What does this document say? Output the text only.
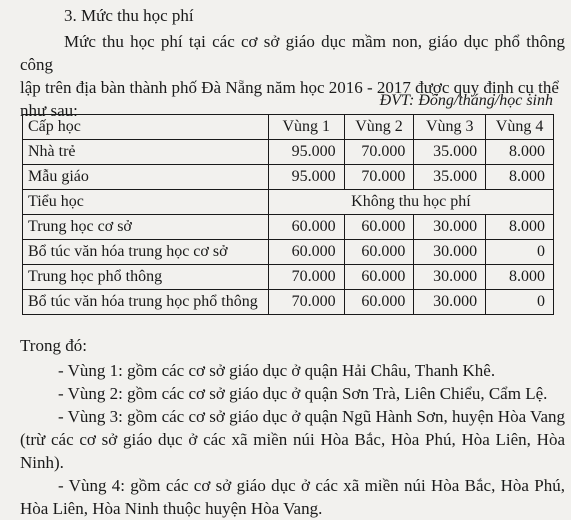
3. Mức thu học phí
Mức thu học phí tại các cơ sở giáo dục mầm non, giáo dục phổ thông công
lập trên địa bàn thành phố Đà Nẵng năm học 2016 - 2017 được quy định cụ thể
như sau:
ĐVT: Đồng/tháng/học sinh
Cấp học	Vùng 1	Vùng 2	Vùng 3	Vùng 4
Nhà trẻ	95.000	70.000	35.000	8.000
Mẫu giáo	95.000	70.000	35.000	8.000
Tiểu học	Không thu học phí			
Trung học cơ sở	60.000	60.000	30.000	8.000
Bổ túc văn hóa trung học cơ sở	60.000	60.000	30.000	0
Trung học phổ thông	70.000	60.000	30.000	8.000
Bổ túc văn hóa trung học phổ thông	70.000	60.000	30.000	0

Trong đó:

- Vùng 1: gồm các cơ sở giáo dục ở quận Hải Châu, Thanh Khê.

- Vùng 2: gồm các cơ sở giáo dục ở quận Sơn Trà, Liên Chiểu, Cẩm Lệ.

- Vùng 3: gồm các cơ sở giáo dục ở quận Ngũ Hành Sơn, huyện Hòa Vang (trừ các cơ sở giáo dục ở các xã miền núi Hòa Bắc, Hòa Phú, Hòa Liên, Hòa Ninh).

- Vùng 4: gồm các cơ sở giáo dục ở các xã miền núi Hòa Bắc, Hòa Phú, Hòa Liên, Hòa Ninh thuộc huyện Hòa Vang.
